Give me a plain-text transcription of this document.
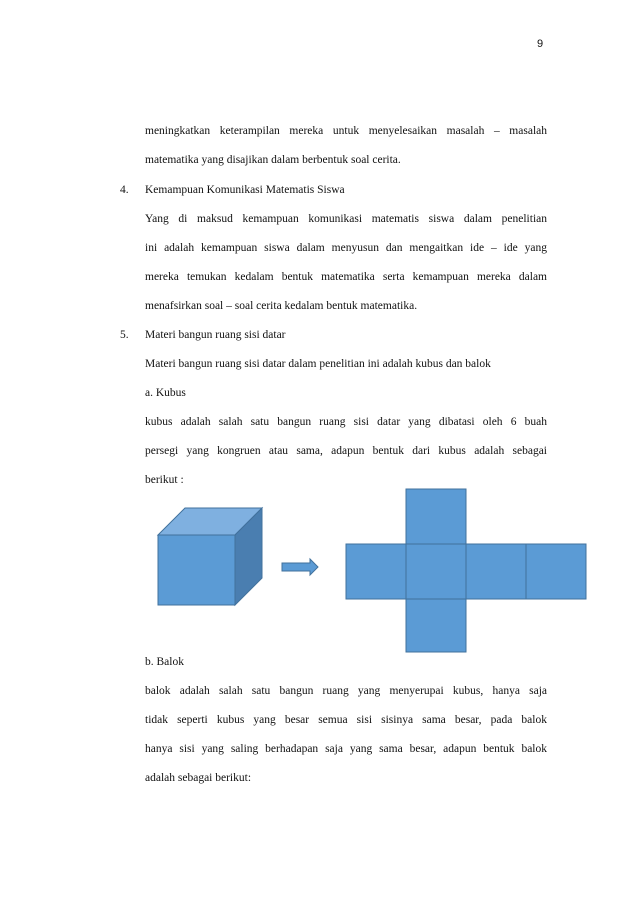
9
meningkatkan keterampilan mereka untuk menyelesaikan masalah – masalah
matematika yang disajikan dalam berbentuk soal cerita.
4. Kemampuan Komunikasi Matematis Siswa
Yang di maksud kemampuan komunikasi matematis siswa dalam penelitian
ini adalah kemampuan siswa dalam menyusun dan mengaitkan ide – ide yang
mereka temukan kedalam bentuk matematika serta kemampuan mereka dalam
menafsirkan soal – soal cerita kedalam bentuk matematika.
5. Materi bangun ruang sisi datar
Materi bangun ruang sisi datar dalam penelitian ini adalah kubus dan balok
a. Kubus
kubus adalah salah satu bangun ruang sisi datar yang dibatasi oleh 6 buah
persegi yang kongruen atau sama, adapun bentuk dari kubus adalah sebagai
berikut :
b. Balok
balok adalah salah satu bangun ruang yang menyerupai kubus, hanya saja
tidak seperti kubus yang besar semua sisi sisinya sama besar, pada balok
hanya sisi yang saling berhadapan saja yang sama besar, adapun bentuk balok
adalah sebagai berikut:
